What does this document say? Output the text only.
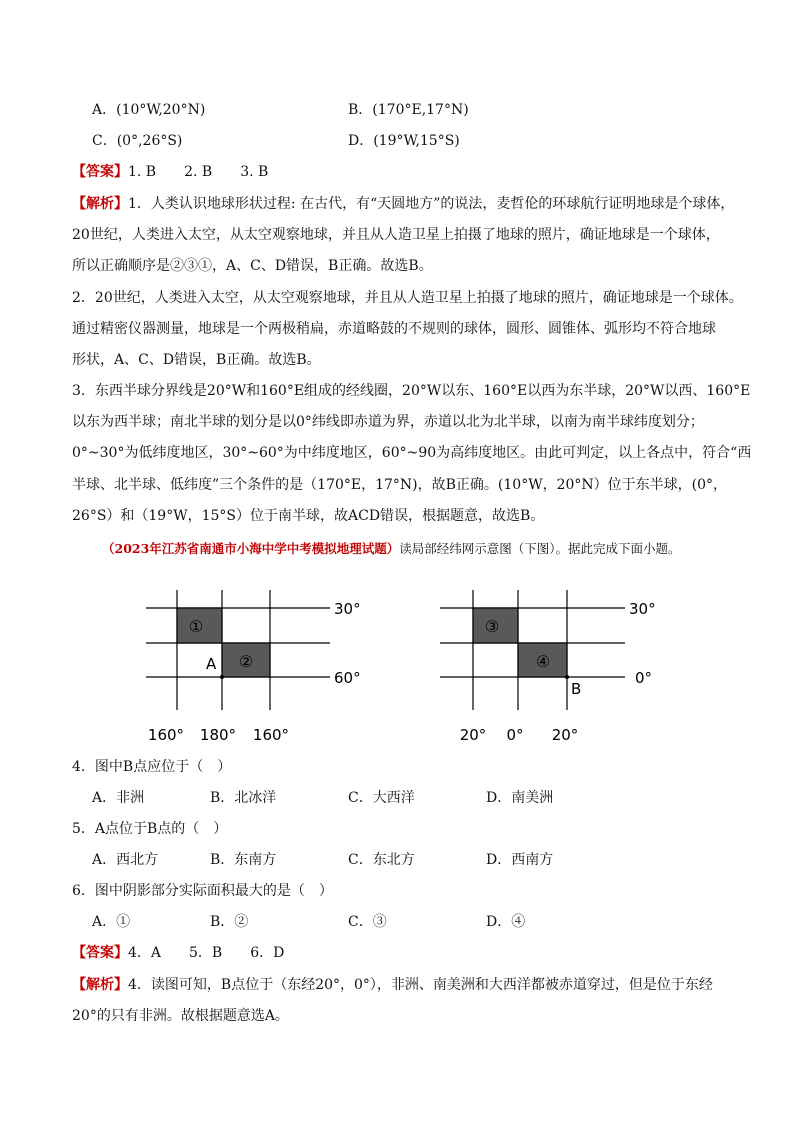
A．(10°W,20°N)	B．(170°E,17°N)
C．(0°,26°S)	D．(19°W,15°S)
【答案】1. B　　2. B　　3. B
【解析】1．人类认识地球形状过程: 在古代，有“天圆地方”的说法，麦哲伦的环球航行证明地球是个球体，
20世纪，人类进入太空，从太空观察地球，并且从人造卫星上拍摄了地球的照片，确证地球是一个球体，
所以正确顺序是②③①，A、C、D错误，B正确。故选B。
2．20世纪，人类进入太空，从太空观察地球，并且从人造卫星上拍摄了地球的照片，确证地球是一个球体。
通过精密仪器测量，地球是一个两极稍扁，赤道略鼓的不规则的球体，圆形、圆锥体、弧形均不符合地球
形状，A、C、D错误，B正确。故选B。
3．东西半球分界线是20°W和160°E组成的经线圈，20°W以东、160°E以西为东半球，20°W以西、160°E
以东为西半球；南北半球的划分是以0°纬线即赤道为界，赤道以北为北半球，以南为南半球纬度划分；
0°~30°为低纬度地区，30°~60°为中纬度地区，60°~90为高纬度地区。由此可判定，以上各点中，符合“西
半球、北半球、低纬度”三个条件的是（170°E，17°N)，故B正确。(10°W，20°N）位于东半球，(0°，
26°S）和（19°W，15°S）位于南半球，故ACD错误，根据题意，故选B。
（2023年江苏省南通市小海中学中考模拟地理试题）读局部经纬网示意图（下图）。据此完成下面小题。
①
②
A
30°
60°
160° 180° 160°
③
④
B
30°
0°
20° 0° 20°
4．图中B点应位于（　）
A．非洲	B．北冰洋	C．大西洋	D．南美洲
5．A点位于B点的（　）
A．西北方	B．东南方	C．东北方	D．西南方
6．图中阴影部分实际面积最大的是（　）
A．①	B．②	C．③	D．④
【答案】4．A　　5．B　　6．D
【解析】4．读图可知，B点位于（东经20°，0°），非洲、南美洲和大西洋都被赤道穿过，但是位于东经
20°的只有非洲。故根据题意选A。
